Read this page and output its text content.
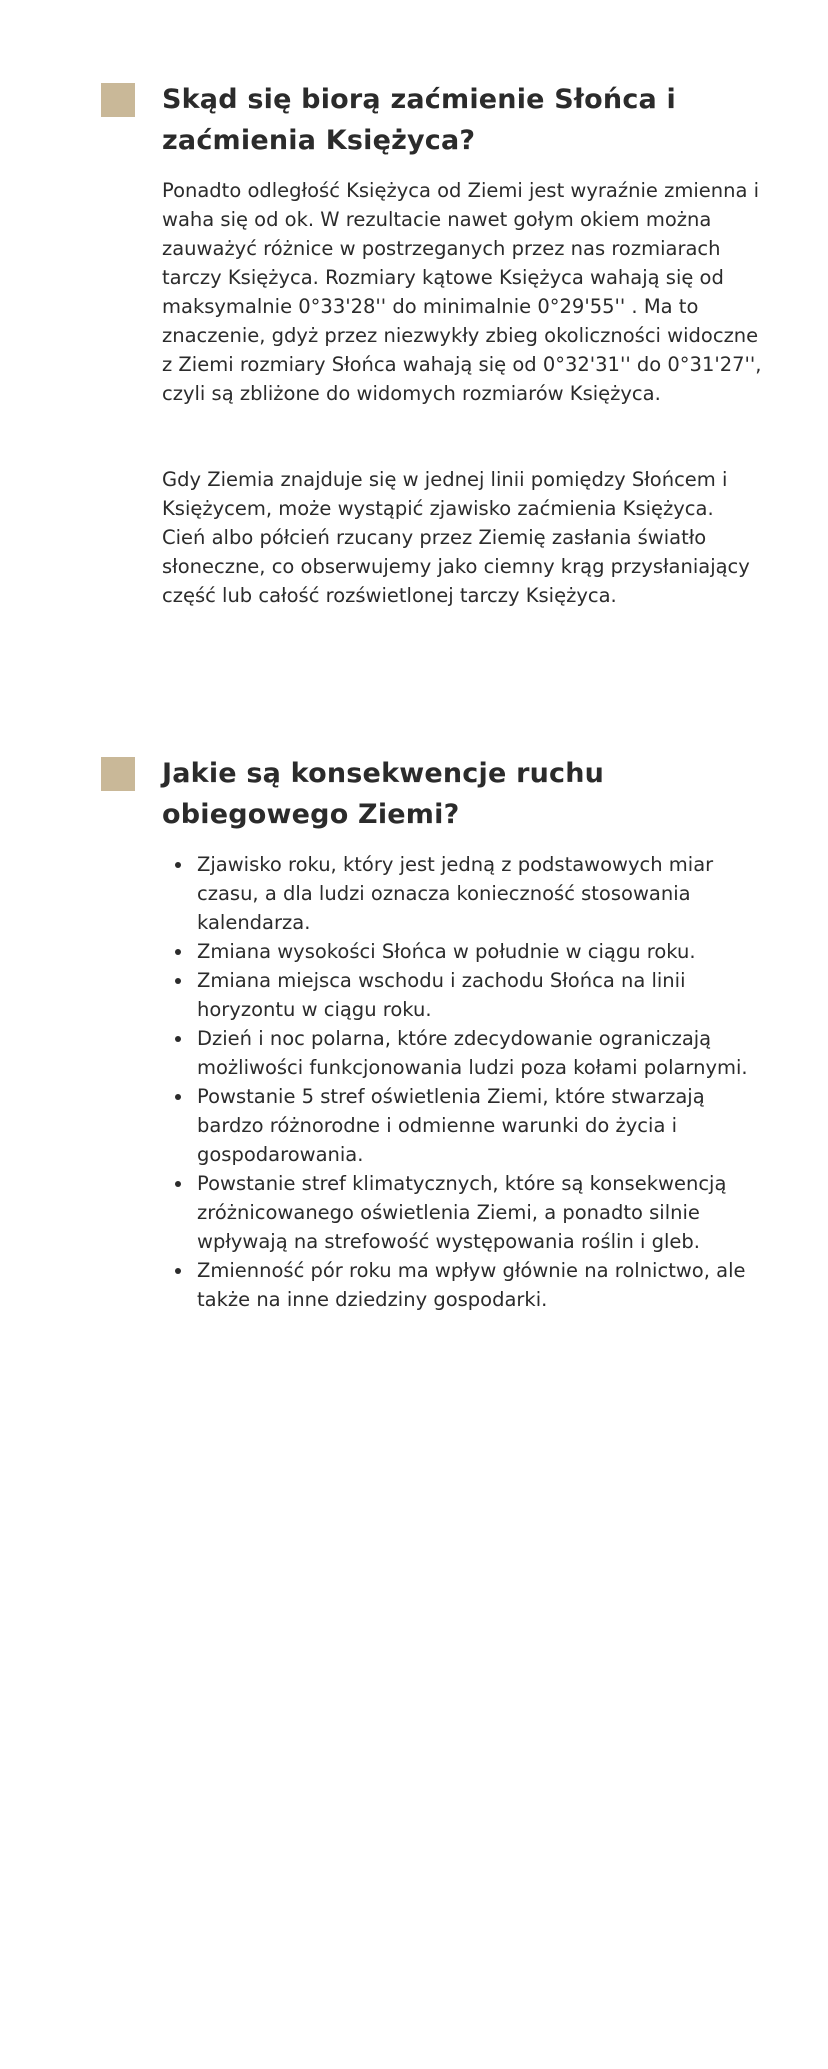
Skąd się biorą zaćmienie Słońca i zaćmienia Księżyca?

Ponadto odległość Księżyca od Ziemi jest wyraźnie zmienna i waha się od ok. W rezultacie nawet gołym okiem można zauważyć różnice w postrzeganych przez nas rozmiarach tarczy Księżyca. Rozmiary kątowe Księżyca wahają się od maksymalnie 0°33'28'' do minimalnie 0°29'55'' . Ma to znaczenie, gdyż przez niezwykły zbieg okoliczności widoczne z Ziemi rozmiary Słońca wahają się od 0°32'31'' do 0°31'27'', czyli są zbliżone do widomych rozmiarów Księżyca.

Gdy Ziemia znajduje się w jednej linii pomiędzy Słońcem i Księżycem, może wystąpić zjawisko zaćmienia Księżyca. Cień albo półcień rzucany przez Ziemię zasłania światło słoneczne, co obserwujemy jako ciemny krąg przysłaniający część lub całość rozświetlonej tarczy Księżyca.

Jakie są konsekwencje ruchu obiegowego Ziemi?
Zjawisko roku, który jest jedną z podstawowych miar czasu, a dla ludzi oznacza konieczność stosowania kalendarza.
Zmiana wysokości Słońca w południe w ciągu roku.
Zmiana miejsca wschodu i zachodu Słońca na linii horyzontu w ciągu roku.
Dzień i noc polarna, które zdecydowanie ograniczają możliwości funkcjonowania ludzi poza kołami polarnymi.
Powstanie 5 stref oświetlenia Ziemi, które stwarzają bardzo różnorodne i odmienne warunki do życia i gospodarowania.
Powstanie stref klimatycznych, które są konsekwencją zróżnicowanego oświetlenia Ziemi, a ponadto silnie wpływają na strefowość występowania roślin i gleb.
Zmienność pór roku ma wpływ głównie na rolnictwo, ale także na inne dziedziny gospodarki.
